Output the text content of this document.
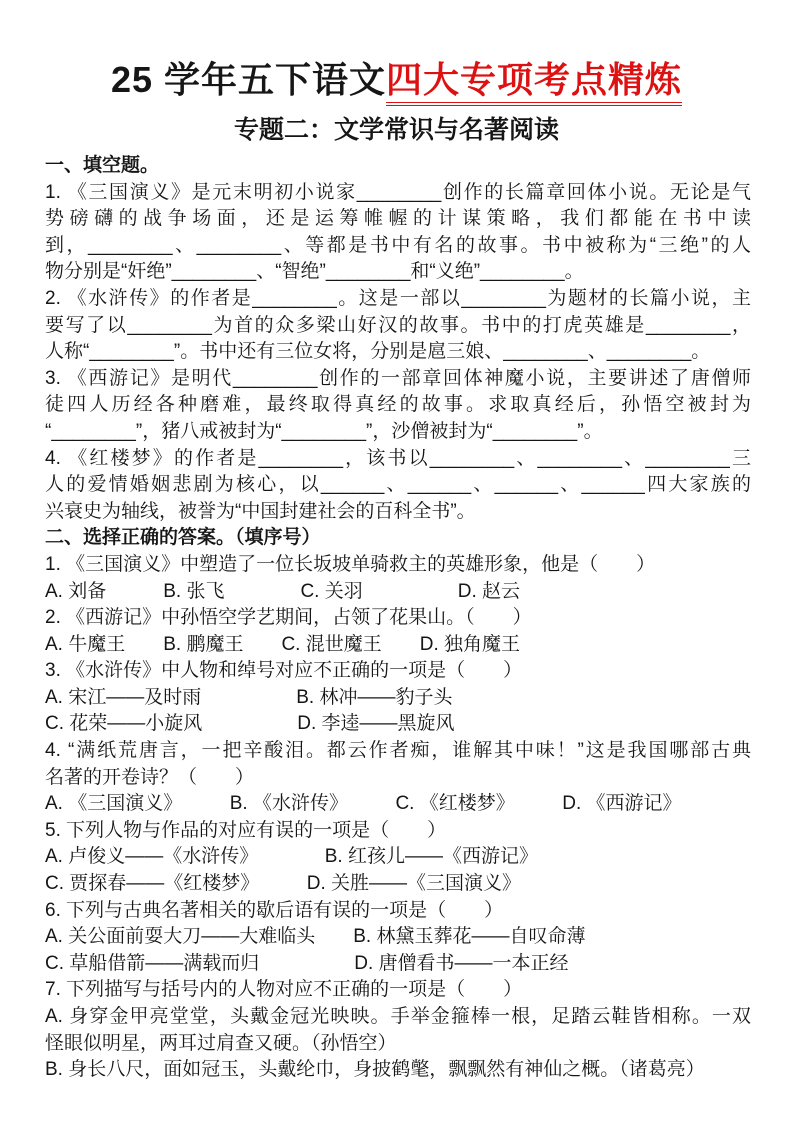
25 学年五下语文四大专项考点精炼
专题二：文学常识与名著阅读
一、填空题。
1. 《三国演义》是元末明初小说家________创作的长篇章回体小说。无论是气
势磅礴的战争场面，还是运筹帷幄的计谋策略，我们都能在书中读
到，________、________、等都是书中有名的故事。书中被称为“三绝”的人
物分别是“奸绝”________、“智绝”________和“义绝”________。
2. 《水浒传》的作者是________。这是一部以________为题材的长篇小说，主
要写了以________为首的众多梁山好汉的故事。书中的打虎英雄是________，
人称“________”。书中还有三位女将，分别是扈三娘、________、________。
3. 《西游记》是明代________创作的一部章回体神魔小说，主要讲述了唐僧师
徒四人历经各种磨难，最终取得真经的故事。求取真经后，孙悟空被封为
“________”，猪八戒被封为“________”，沙僧被封为“________”。
4. 《红楼梦》的作者是________，该书以________、________、________三
人的爱情婚姻悲剧为核心，以______、______、______、______四大家族的
兴衰史为轴线，被誉为“中国封建社会的百科全书”。
二、选择正确的答案。（填序号）
1. 《三国演义》中塑造了一位长坂坡单骑救主的英雄形象，他是（　　）
A. 刘备　　　B. 张飞　　　　C. 关羽　　　　　D. 赵云
2. 《西游记》中孙悟空学艺期间，占领了花果山。（　　）
A. 牛魔王　　B. 鹏魔王　　C. 混世魔王　　D. 独角魔王
3. 《水浒传》中人物和绰号对应不正确的一项是（　　）
A. 宋江——及时雨　　　　　B. 林冲——豹子头
C. 花荣——小旋风　　　　　D. 李逵——黑旋风
4. “满纸荒唐言，一把辛酸泪。都云作者痴，谁解其中味！”这是我国哪部古典
名著的开卷诗？（　　）
A. 《三国演义》　　　B. 《水浒传》　　　C. 《红楼梦》　　　D. 《西游记》
5. 下列人物与作品的对应有误的一项是（　　）
A. 卢俊义——《水浒传》　　　　B. 红孩儿——《西游记》
C. 贾探春——《红楼梦》　　　D. 关胜——《三国演义》
6. 下列与古典名著相关的歇后语有误的一项是（　　）
A. 关公面前耍大刀——大难临头　　B. 林黛玉葬花——自叹命薄
C. 草船借箭——满载而归　　　　　D. 唐僧看书——一本正经
7. 下列描写与括号内的人物对应不正确的一项是（　　）
A. 身穿金甲亮堂堂，头戴金冠光映映。手举金箍棒一根，足踏云鞋皆相称。一双
怪眼似明星，两耳过肩查又硬。（孙悟空）
B. 身长八尺，面如冠玉，头戴纶巾，身披鹤氅，飘飘然有神仙之概。（诸葛亮）
